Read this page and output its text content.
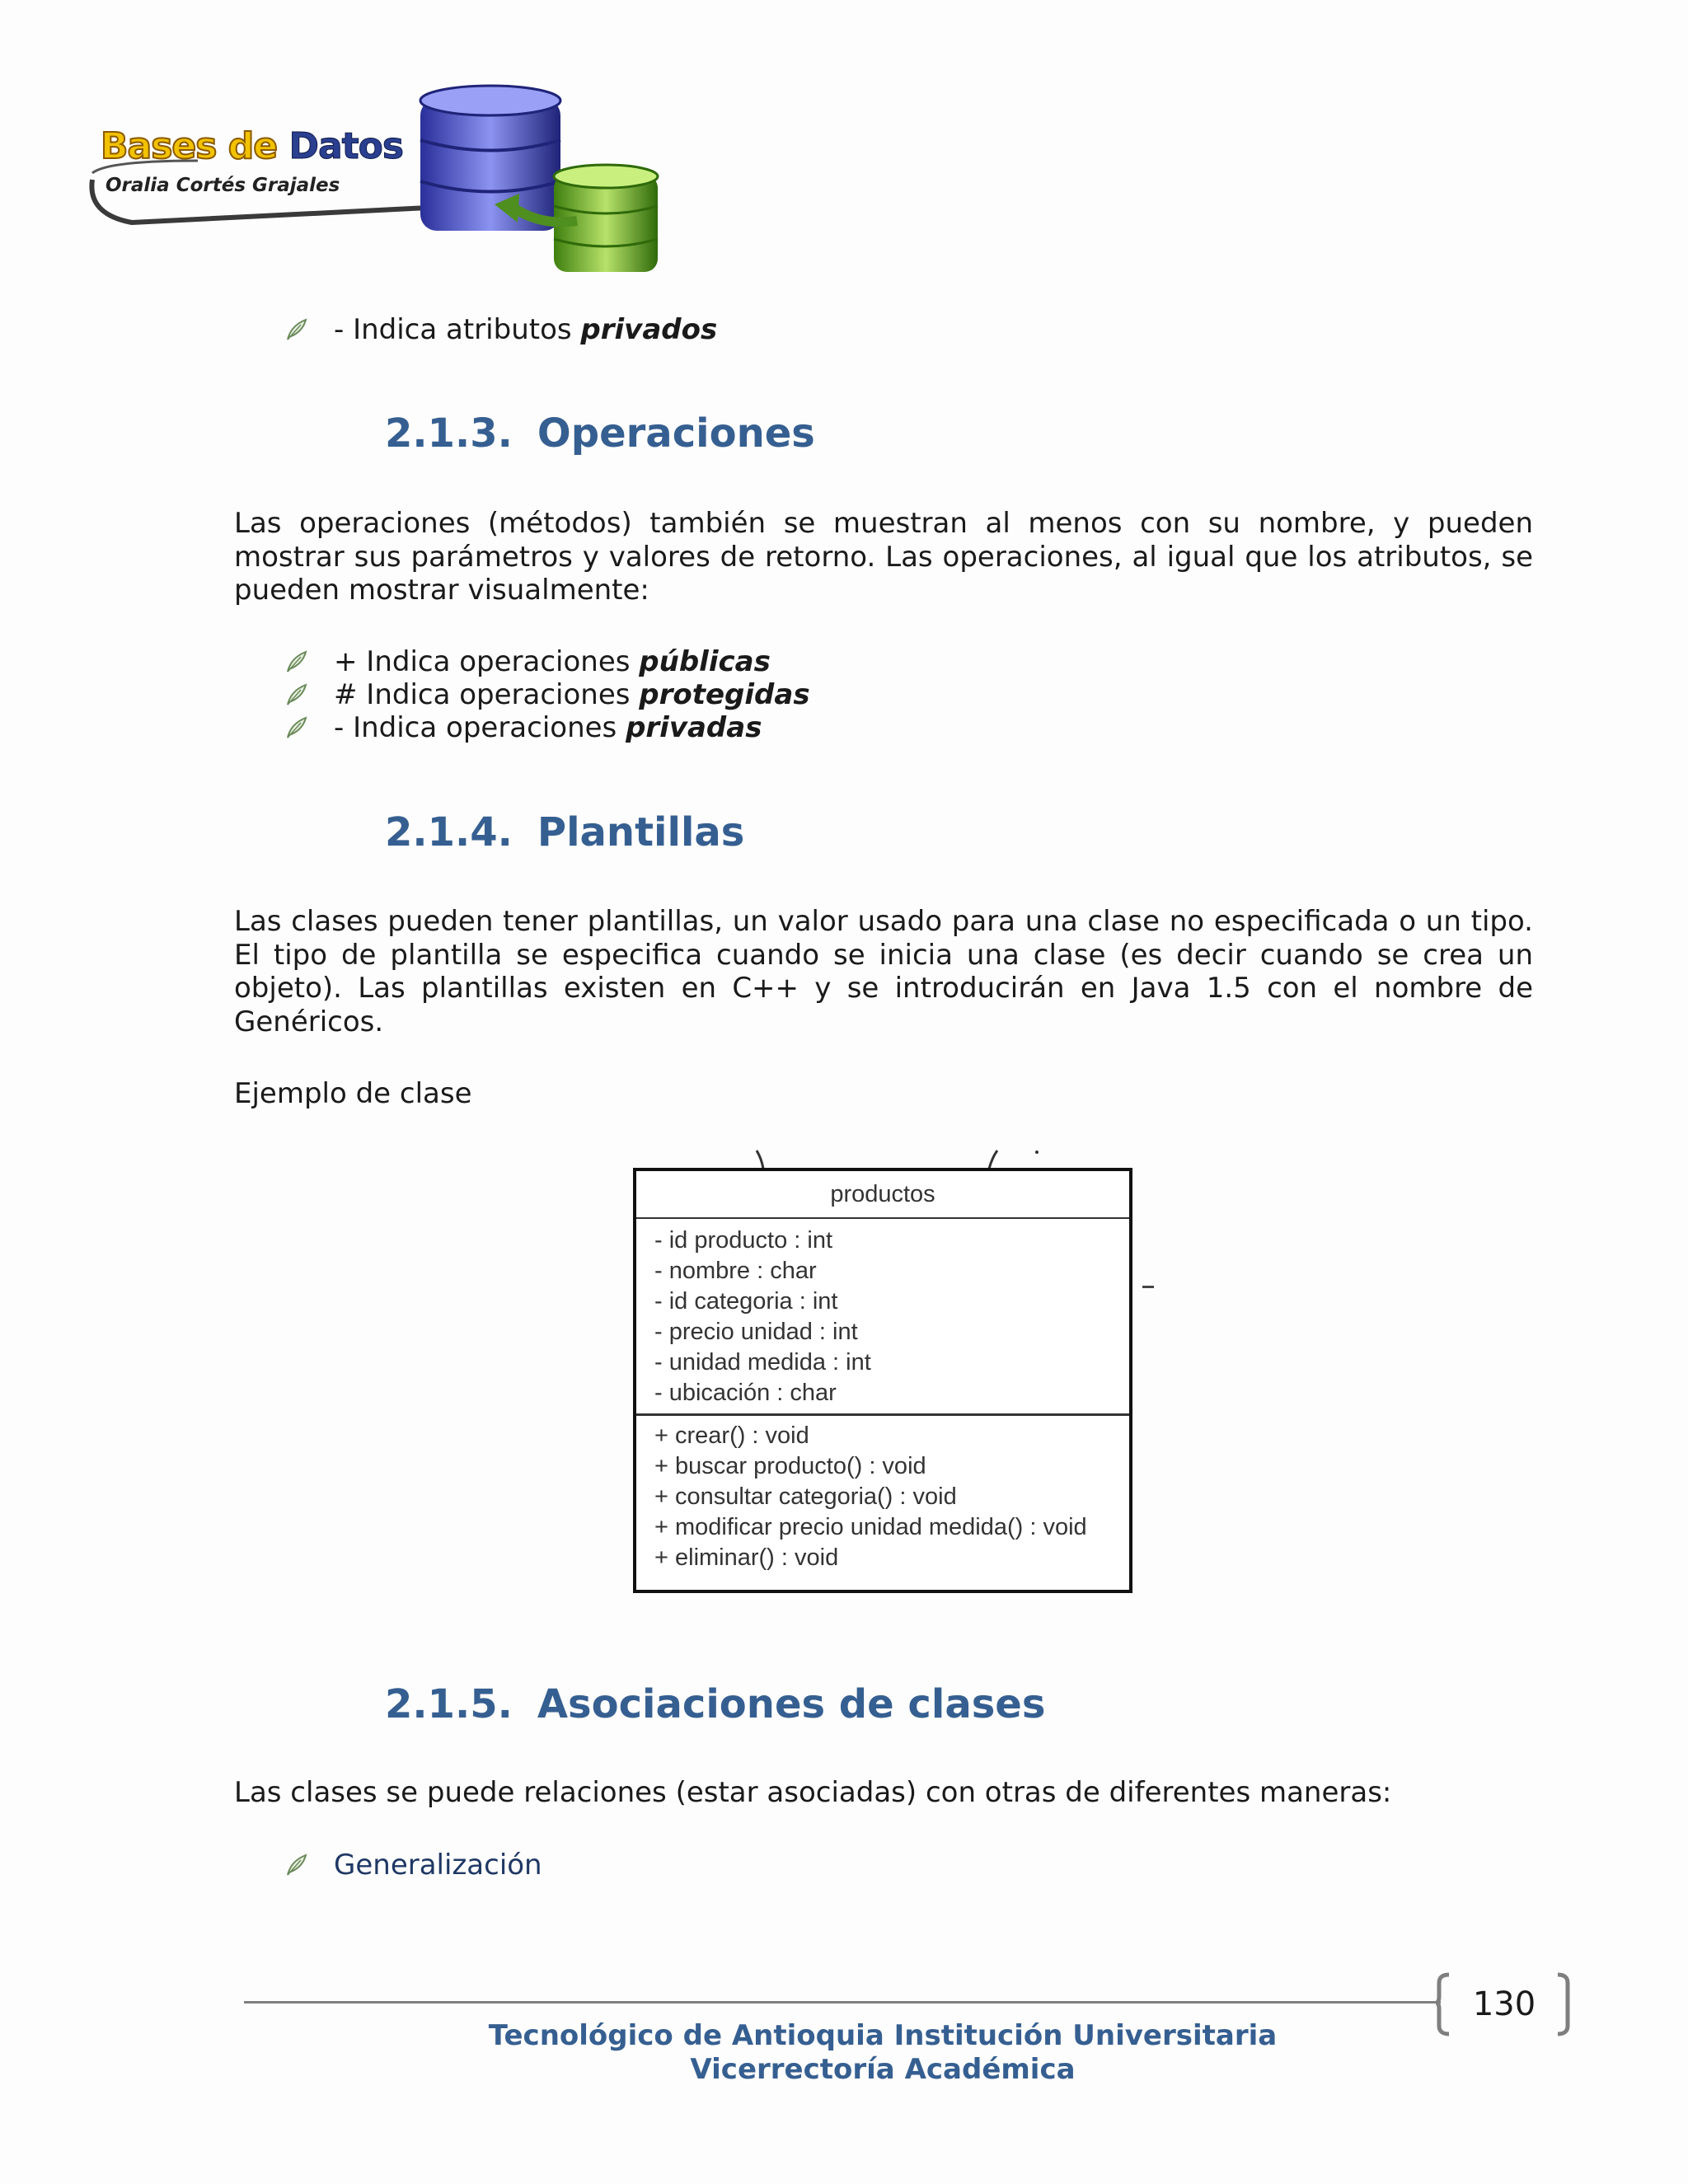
Bases de Datos
Oralia Cortés Grajales
- Indica atributos privados
2.1.3. Operaciones
Las operaciones (métodos) también se muestran al menos con su nombre, y pueden mostrar sus parámetros y valores de retorno. Las operaciones, al igual que los atributos, se pueden mostrar visualmente:
+ Indica operaciones públicas
# Indica operaciones protegidas
- Indica operaciones privadas
2.1.4. Plantillas
Las clases pueden tener plantillas, un valor usado para una clase no especificada o un tipo. El tipo de plantilla se especifica cuando se inicia una clase (es decir cuando se crea un objeto). Las plantillas existen en C++ y se introducirán en Java 1.5 con el nombre de Genéricos.
Ejemplo de clase
productos
- id producto : int
- nombre : char
- id categoria : int
- precio unidad : int
- unidad medida : int
- ubicación : char
+ crear() : void
+ buscar producto() : void
+ consultar categoria() : void
+ modificar precio unidad medida() : void
+ eliminar() : void
2.1.5. Asociaciones de clases
Las clases se puede relaciones (estar asociadas) con otras de diferentes maneras:
Generalización
130
Tecnológico de Antioquia Institución Universitaria
Vicerrectoría Académica
